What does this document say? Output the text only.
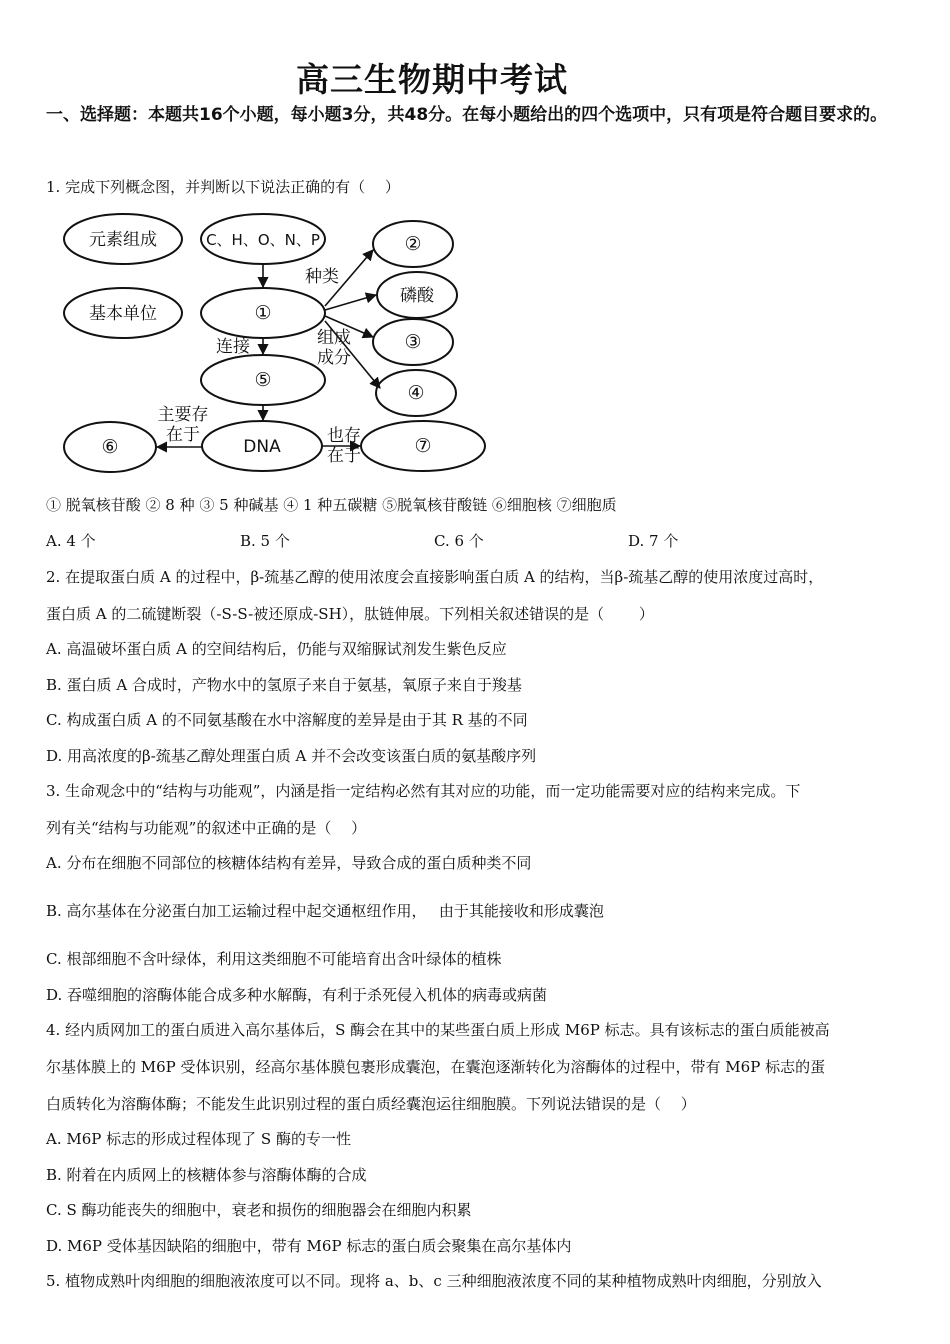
高三生物期中考试
一、选择题：本题共16个小题，每小题3分，共48分。在每小题给出的四个选项中，只有项是符合题目要求的。
1. 完成下列概念图，并判断以下说法正确的有（　 ）
元素组成	C、H、O、N、P
基本单位	①
②
磷酸
③
④
⑤
⑥	DNA	⑦
种类
组成
成分
连接
主要存
在于	也存
在于
① 脱氧核苷酸 ② 8 种 ③ 5 种碱基 ④ 1 种五碳糖 ⑤脱氧核苷酸链 ⑥细胞核 ⑦细胞质
A. 4 个	B. 5 个	C. 6 个	D. 7 个
2. 在提取蛋白质 A 的过程中，β-巯基乙醇的使用浓度会直接影响蛋白质 A 的结构，当β-巯基乙醇的使用浓度过高时，
蛋白质 A 的二硫键断裂（-S-S-被还原成-SH），肽链伸展。下列相关叙述错误的是（　　 ）
A. 高温破坏蛋白质 A 的空间结构后，仍能与双缩脲试剂发生紫色反应
B. 蛋白质 A 合成时，产物水中的氢原子来自于氨基，氧原子来自于羧基
C. 构成蛋白质 A 的不同氨基酸在水中溶解度的差异是由于其 R 基的不同
D. 用高浓度的β-巯基乙醇处理蛋白质 A 并不会改变该蛋白质的氨基酸序列
3. 生命观念中的“结构与功能观”，内涵是指一定结构必然有其对应的功能，而一定功能需要对应的结构来完成。下
列有关“结构与功能观”的叙述中正确的是（　 ）
A. 分布在细胞不同部位的核糖体结构有差异，导致合成的蛋白质种类不同
B. 高尔基体在分泌蛋白加工运输过程中起交通枢纽作用，　 由于其能接收和形成囊泡
C. 根部细胞不含叶绿体，利用这类细胞不可能培育出含叶绿体的植株
D. 吞噬细胞的溶酶体能合成多种水解酶，有利于杀死侵入机体的病毒或病菌
4. 经内质网加工的蛋白质进入高尔基体后，S 酶会在其中的某些蛋白质上形成 M6P 标志。具有该标志的蛋白质能被高
尔基体膜上的 M6P 受体识别，经高尔基体膜包裹形成囊泡，在囊泡逐渐转化为溶酶体的过程中，带有 M6P 标志的蛋
白质转化为溶酶体酶；不能发生此识别过程的蛋白质经囊泡运往细胞膜。下列说法错误的是（　 ）
A. M6P 标志的形成过程体现了 S 酶的专一性
B. 附着在内质网上的核糖体参与溶酶体酶的合成
C. S 酶功能丧失的细胞中，衰老和损伤的细胞器会在细胞内积累
D. M6P 受体基因缺陷的细胞中，带有 M6P 标志的蛋白质会聚集在高尔基体内
5. 植物成熟叶肉细胞的细胞液浓度可以不同。现将 a、b、c 三种细胞液浓度不同的某种植物成熟叶肉细胞，分别放入
